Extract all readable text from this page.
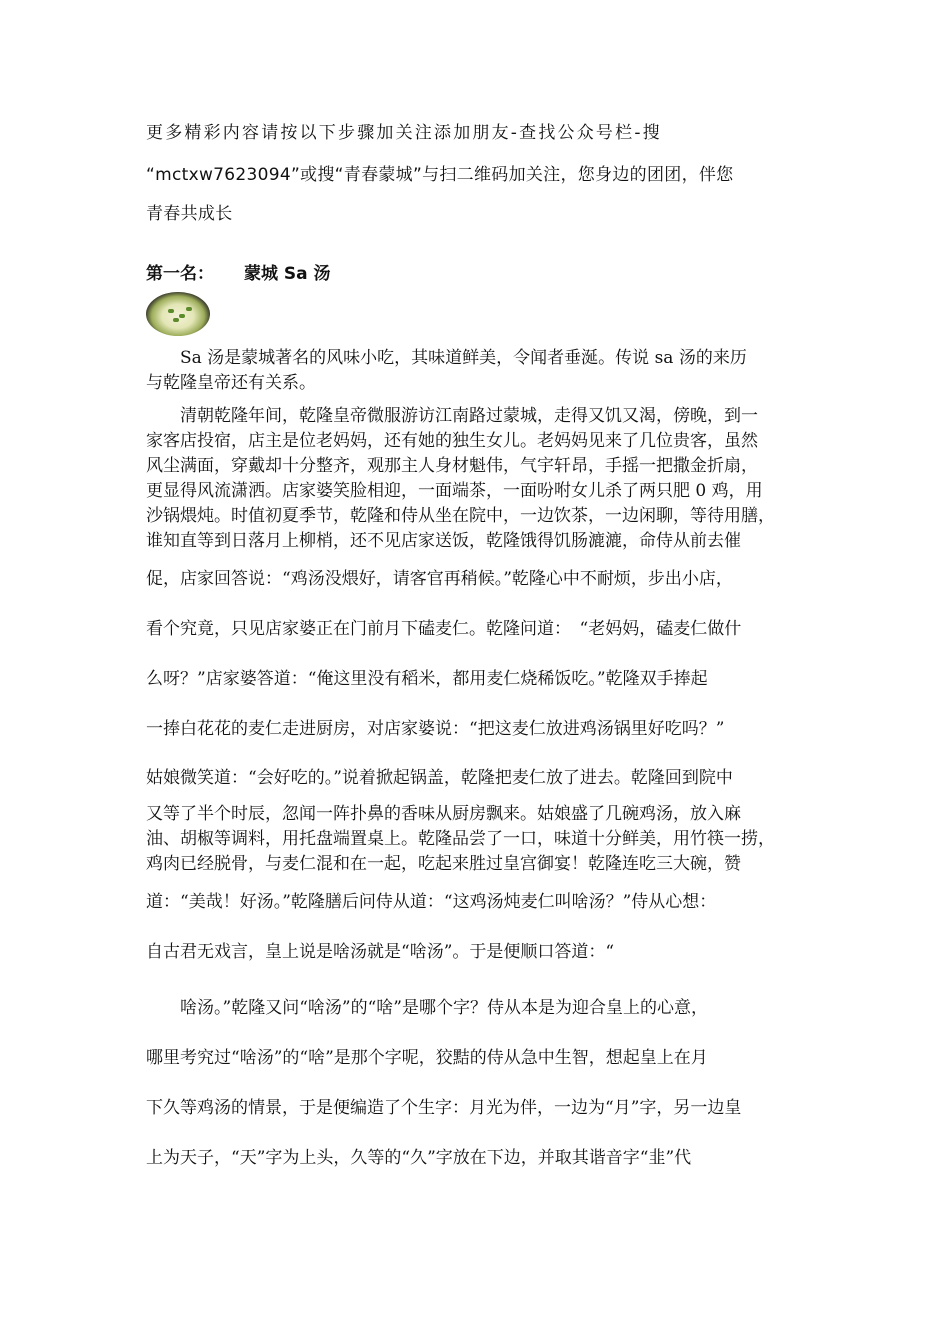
更多精彩内容请按以下步骤加关注添加朋友-查找公众号栏-搜
“mctxw7623094”或搜“青春蒙城”与扫二维码加关注，您身边的团团，伴您
青春共成长
第一名： 蒙城 Sa 汤
　　Sa 汤是蒙城著名的风味小吃，其味道鲜美，令闻者垂涎。传说 sa 汤的来历
与乾隆皇帝还有关系。
　　清朝乾隆年间，乾隆皇帝微服游访江南路过蒙城，走得又饥又渴，傍晚，到一
家客店投宿，店主是位老妈妈，还有她的独生女儿。老妈妈见来了几位贵客，虽然
风尘满面，穿戴却十分整齐，观那主人身材魁伟，气宇轩昂，手摇一把撒金折扇，
更显得风流潇洒。店家婆笑脸相迎，一面端茶，一面吩咐女儿杀了两只肥 0 鸡，用
沙锅煨炖。时值初夏季节，乾隆和侍从坐在院中，一边饮茶，一边闲聊，等待用膳，
谁知直等到日落月上柳梢，还不见店家送饭，乾隆饿得饥肠漉漉，命侍从前去催
促，店家回答说：“鸡汤没煨好，请客官再稍候。”乾隆心中不耐烦，步出小店，
看个究竟，只见店家婆正在门前月下磕麦仁。乾隆问道：　“老妈妈，磕麦仁做什
么呀？”店家婆答道：“俺这里没有稻米，都用麦仁烧稀饭吃。”乾隆双手捧起
一捧白花花的麦仁走进厨房，对店家婆说：“把这麦仁放进鸡汤锅里好吃吗？”
姑娘微笑道：“会好吃的。”说着掀起锅盖，乾隆把麦仁放了进去。乾隆回到院中
又等了半个时辰，忽闻一阵扑鼻的香味从厨房飘来。姑娘盛了几碗鸡汤，放入麻
油、胡椒等调料，用托盘端置桌上。乾隆品尝了一口，味道十分鲜美，用竹筷一捞，
鸡肉已经脱骨，与麦仁混和在一起，吃起来胜过皇宫御宴！乾隆连吃三大碗，赞
道：“美哉！好汤。”乾隆膳后问侍从道：“这鸡汤炖麦仁叫啥汤？”侍从心想：
自古君无戏言，皇上说是啥汤就是“啥汤”。于是便顺口答道：“
　　啥汤。”乾隆又问“啥汤”的“啥”是哪个字？侍从本是为迎合皇上的心意，
哪里考究过“啥汤”的“啥”是那个字呢，狡黠的侍从急中生智，想起皇上在月
下久等鸡汤的情景，于是便编造了个生字：月光为伴，一边为“月”字，另一边皇
上为天子，“天”字为上头，久等的“久”字放在下边，并取其谐音字“韭”代
